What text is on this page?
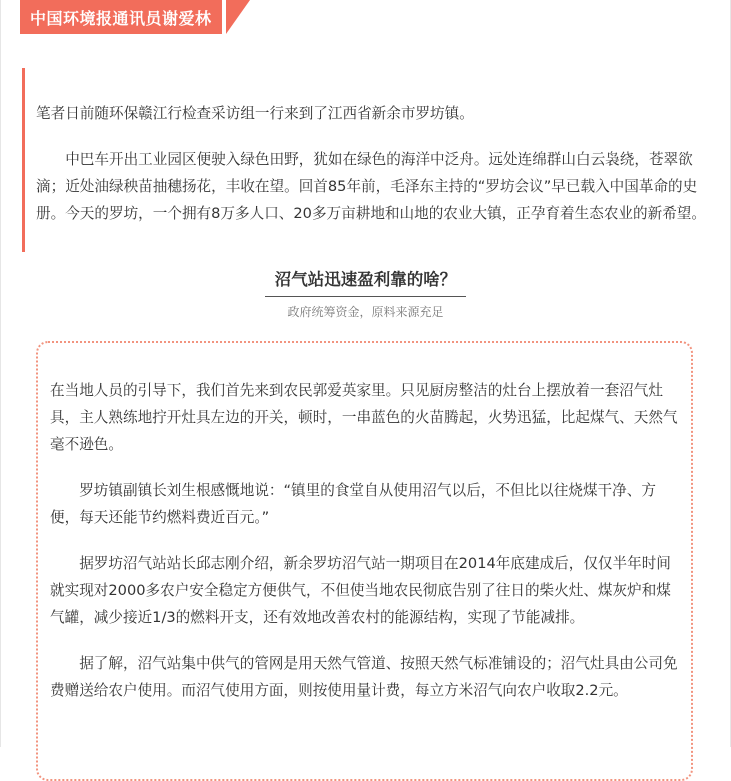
中国环境报通讯员谢爱林

笔者日前随环保赣江行检查采访组一行来到了江西省新余市罗坊镇。

中巴车开出工业园区便驶入绿色田野，犹如在绿色的海洋中泛舟。远处连绵群山白云袅绕，苍翠欲滴；近处油绿秧苗抽穗扬花，丰收在望。回首85年前，毛泽东主持的“罗坊会议”早已载入中国革命的史册。今天的罗坊，一个拥有8万多人口、20多万亩耕地和山地的农业大镇，正孕育着生态农业的新希望。

沼气站迅速盈利靠的啥？
政府统筹资金，原料来源充足

在当地人员的引导下，我们首先来到农民郭爱英家里。只见厨房整洁的灶台上摆放着一套沼气灶具，主人熟练地拧开灶具左边的开关，顿时，一串蓝色的火苗腾起，火势迅猛，比起煤气、天然气毫不逊色。

罗坊镇副镇长刘生根感慨地说：“镇里的食堂自从使用沼气以后，不但比以往烧煤干净、方便，每天还能节约燃料费近百元。”

据罗坊沼气站站长邱志刚介绍，新余罗坊沼气站一期项目在2014年底建成后，仅仅半年时间就实现对2000多农户安全稳定方便供气，不但使当地农民彻底告别了往日的柴火灶、煤灰炉和煤气罐，减少接近1/3的燃料开支，还有效地改善农村的能源结构，实现了节能减排。

据了解，沼气站集中供气的管网是用天然气管道、按照天然气标准铺设的；沼气灶具由公司免费赠送给农户使用。而沼气使用方面，则按使用量计费，每立方米沼气向农户收取2.2元。
